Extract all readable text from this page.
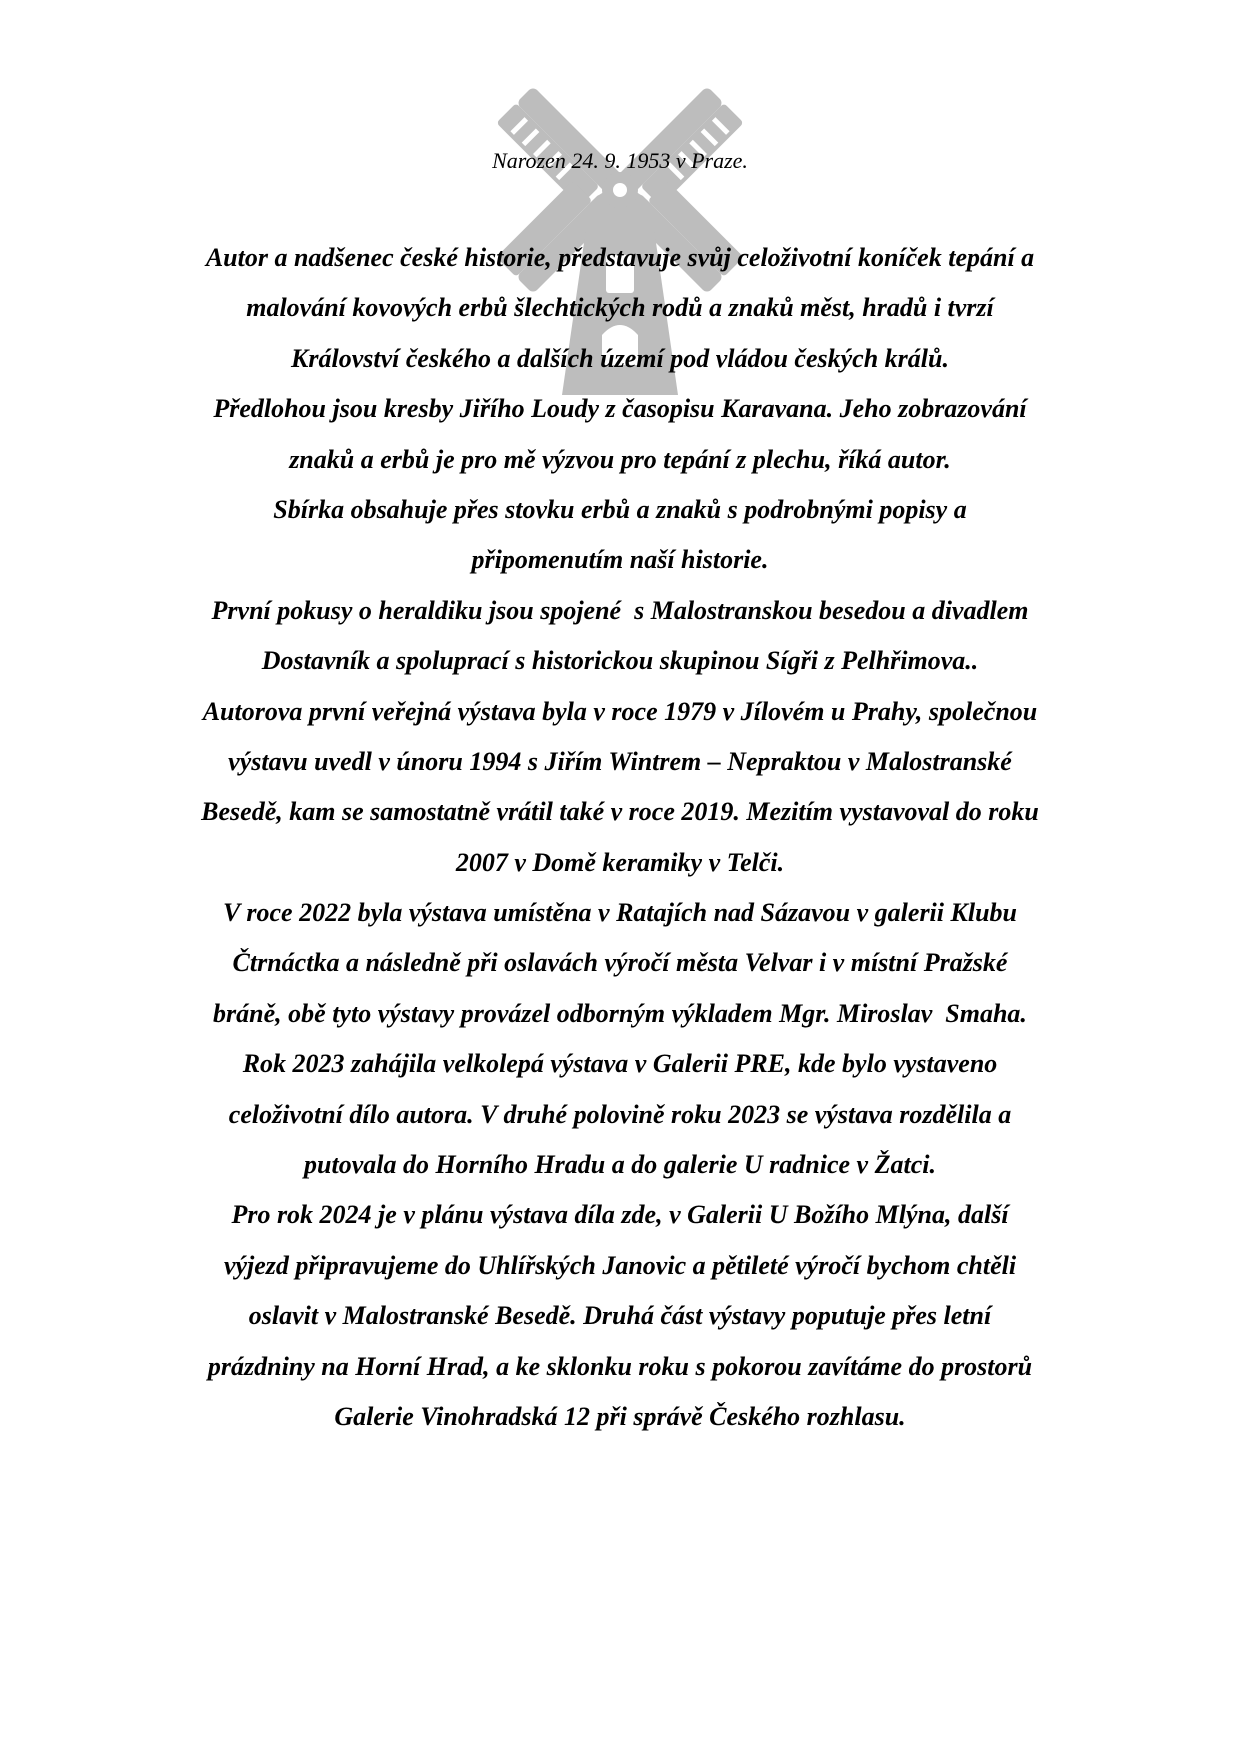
Narozen 24. 9. 1953 v Praze.
Autor a nadšenec české historie, představuje svůj celoživotní koníček tepání a
malování kovových erbů šlechtických rodů a znaků měst, hradů i tvrzí
Království českého a dalších území pod vládou českých králů.
Předlohou jsou kresby Jiřího Loudy z časopisu Karavana. Jeho zobrazování
znaků a erbů je pro mě výzvou pro tepání z plechu, říká autor.
Sbírka obsahuje přes stovku erbů a znaků s podrobnými popisy a
připomenutím naší historie.
První pokusy o heraldiku jsou spojené  s Malostranskou besedou a divadlem
Dostavník a spoluprací s historickou skupinou Sígři z Pelhřimova..
Autorova první veřejná výstava byla v roce 1979 v Jílovém u Prahy, společnou
výstavu uvedl v únoru 1994 s Jiřím Wintrem – Nepraktou v Malostranské
Besedě, kam se samostatně vrátil také v roce 2019. Mezitím vystavoval do roku
2007 v Domě keramiky v Telči.
V roce 2022 byla výstava umístěna v Ratajích nad Sázavou v galerii Klubu
Čtrnáctka a následně při oslavách výročí města Velvar i v místní Pražské
bráně, obě tyto výstavy provázel odborným výkladem Mgr. Miroslav  Smaha.
Rok 2023 zahájila velkolepá výstava v Galerii PRE, kde bylo vystaveno
celoživotní dílo autora. V druhé polovině roku 2023 se výstava rozdělila a
putovala do Horního Hradu a do galerie U radnice v Žatci.
Pro rok 2024 je v plánu výstava díla zde, v Galerii U Božího Mlýna, další
výjezd připravujeme do Uhlířských Janovic a pětileté výročí bychom chtěli
oslavit v Malostranské Besedě. Druhá část výstavy poputuje přes letní
prázdniny na Horní Hrad, a ke sklonku roku s pokorou zavítáme do prostorů
Galerie Vinohradská 12 při správě Českého rozhlasu.
